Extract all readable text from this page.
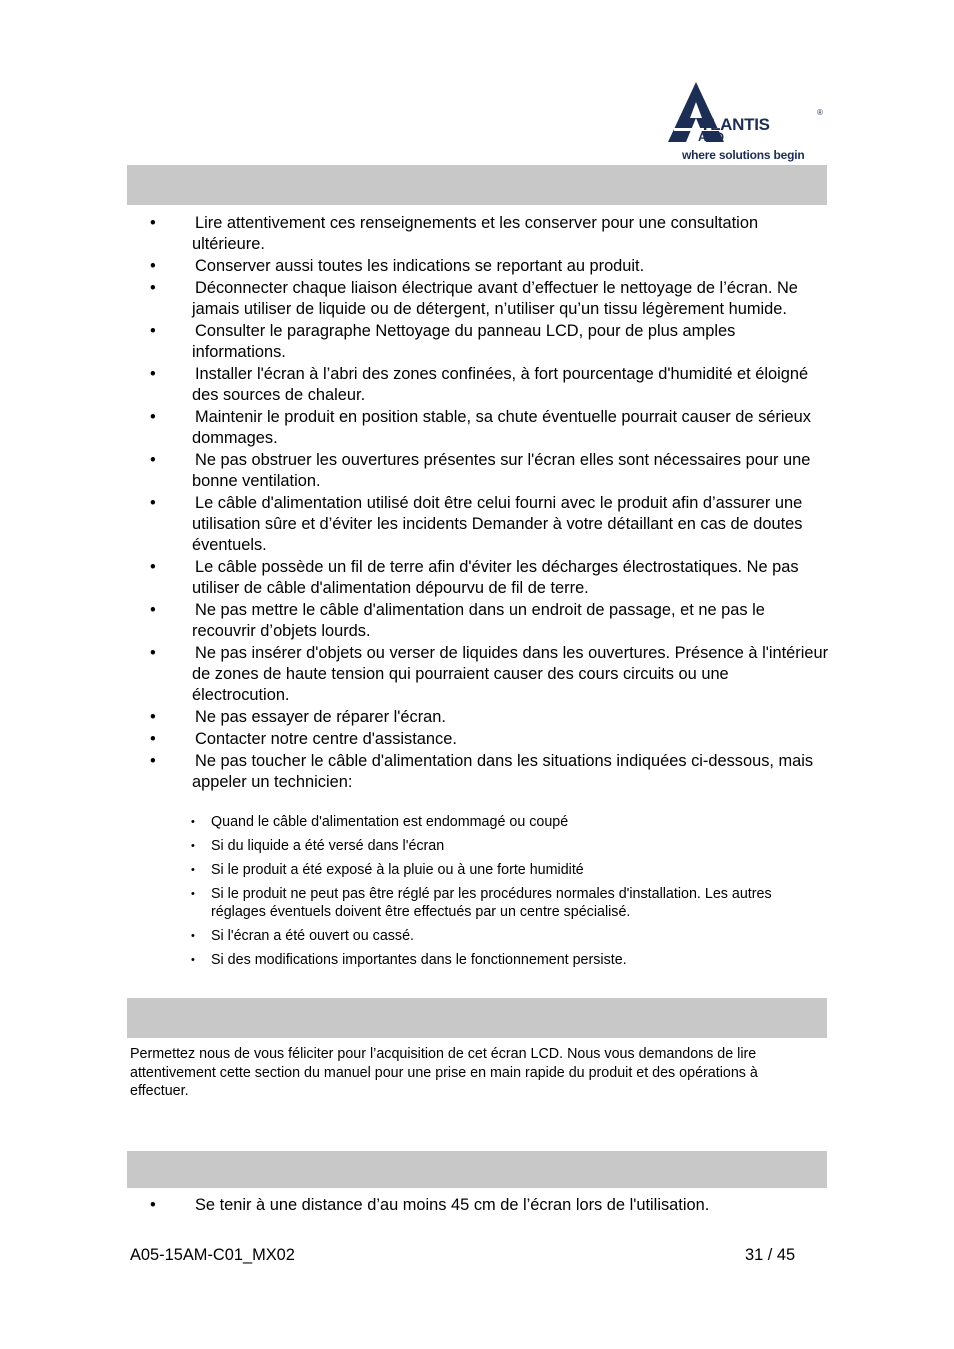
TLANTIS
AND
®
where solutions begin
• Lire attentivement ces renseignements et les conserver pour une consultation ultérieure.
• Conserver aussi toutes les indications se reportant au produit.
• Déconnecter chaque liaison électrique avant d’effectuer le nettoyage de l’écran. Ne jamais utiliser de liquide ou de détergent, n’utiliser qu’un tissu légèrement humide.
• Consulter le paragraphe Nettoyage du panneau LCD, pour de plus amples informations.
• Installer l'écran à l’abri des zones confinées, à fort pourcentage d'humidité et éloigné des sources de chaleur.
• Maintenir le produit en position stable, sa chute éventuelle pourrait causer de sérieux dommages.
• Ne pas obstruer les ouvertures présentes sur l'écran elles sont nécessaires pour une bonne ventilation.
• Le câble d'alimentation utilisé doit être celui fourni avec le produit afin d’assurer une utilisation sûre et d’éviter les incidents Demander à votre détaillant en cas de doutes éventuels.
• Le câble possède un fil de terre afin d'éviter les décharges électrostatiques. Ne pas utiliser de câble d'alimentation dépourvu de fil de terre.
• Ne pas mettre le câble d'alimentation dans un endroit de passage, et ne pas le recouvrir d’objets lourds.
• Ne pas insérer d'objets ou verser de liquides dans les ouvertures. Présence à l'intérieur de zones de haute tension qui pourraient causer des cours circuits ou une électrocution.
• Ne pas essayer de réparer l'écran.
• Contacter notre centre d'assistance.
• Ne pas toucher le câble d'alimentation dans les situations indiquées ci-dessous, mais appeler un technicien:
• Quand le câble d'alimentation est endommagé ou coupé
• Si du liquide a été versé dans l'écran
• Si le produit a été exposé à la pluie ou à une forte humidité
• Si le produit ne peut pas être réglé par les procédures normales d'installation. Les autres réglages éventuels doivent être effectués par un centre spécialisé.
• Si l'écran a été ouvert ou cassé.
• Si des modifications importantes dans le fonctionnement persiste.

Permettez nous de vous féliciter pour l’acquisition de cet écran LCD. Nous vous demandons de lire attentivement cette section du manuel pour une prise en main rapide du produit et des opérations à effectuer.

• Se tenir à une distance d’au moins 45 cm de l’écran lors de l'utilisation.
A05-15AM-C01_MX02	31 / 45
